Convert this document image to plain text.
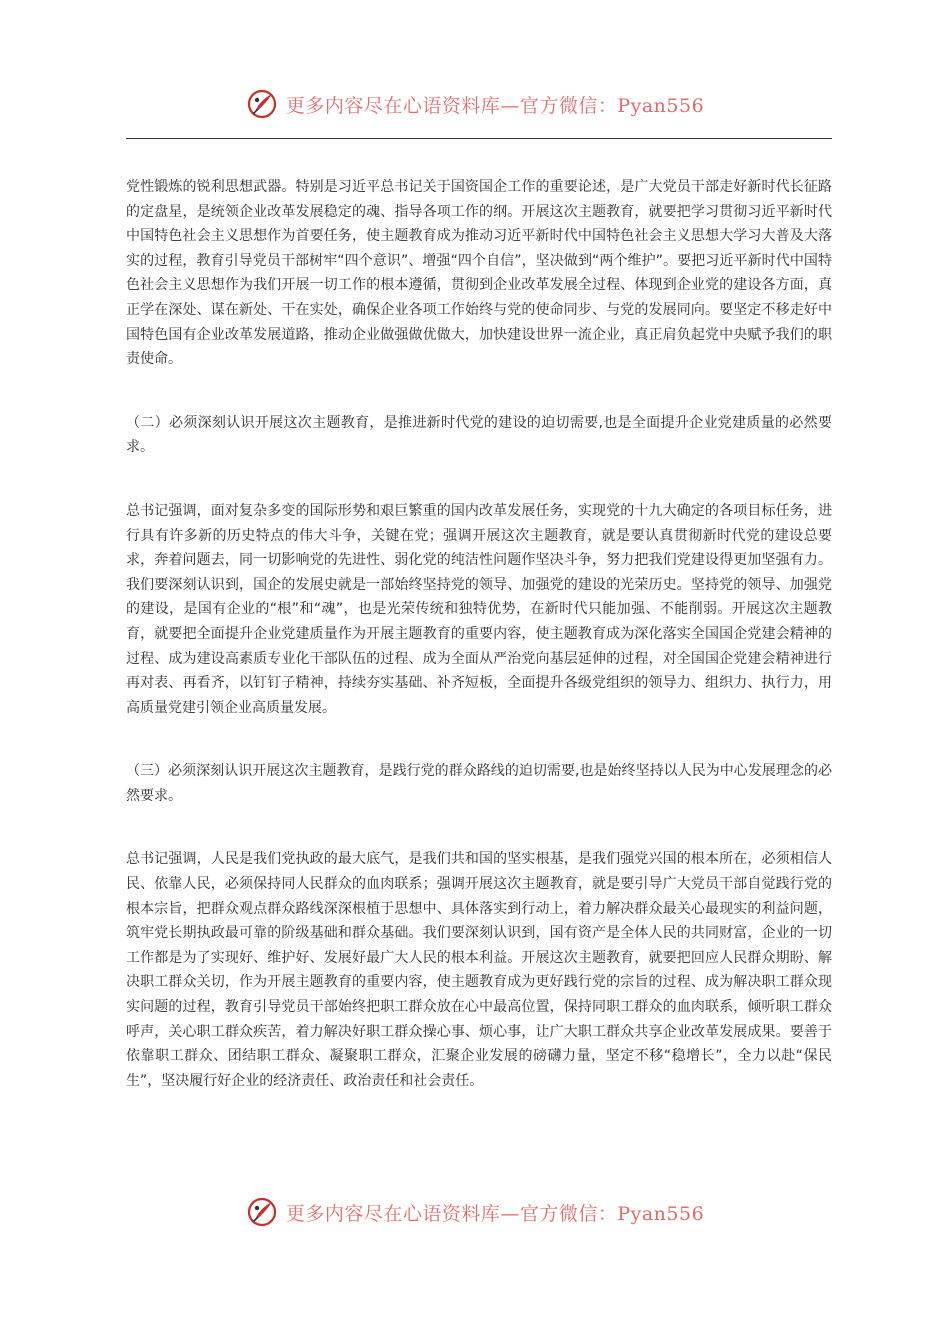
更多内容尽在心语资料库—官方微信：Pyan556

党性锻炼的锐利思想武器。特别是习近平总书记关于国资国企工作的重要论述，是广大党员干部走好新时代长征路的定盘星，是统领企业改革发展稳定的魂、指导各项工作的纲。开展这次主题教育，就要把学习贯彻习近平新时代中国特色社会主义思想作为首要任务，使主题教育成为推动习近平新时代中国特色社会主义思想大学习大普及大落实的过程，教育引导党员干部树牢“四个意识”、增强“四个自信”，坚决做到“两个维护”。要把习近平新时代中国特色社会主义思想作为我们开展一切工作的根本遵循，贯彻到企业改革发展全过程、体现到企业党的建设各方面，真正学在深处、谋在新处、干在实处，确保企业各项工作始终与党的使命同步、与党的发展同向。要坚定不移走好中国特色国有企业改革发展道路，推动企业做强做优做大，加快建设世界一流企业，真正肩负起党中央赋予我们的职责使命。

（二）必须深刻认识开展这次主题教育，是推进新时代党的建设的迫切需要,也是全面提升企业党建质量的必然要求。

总书记强调，面对复杂多变的国际形势和艰巨繁重的国内改革发展任务，实现党的十九大确定的各项目标任务，进行具有许多新的历史特点的伟大斗争，关键在党；强调开展这次主题教育，就是要认真贯彻新时代党的建设总要求，奔着问题去，同一切影响党的先进性、弱化党的纯洁性问题作坚决斗争，努力把我们党建设得更加坚强有力。我们要深刻认识到，国企的发展史就是一部始终坚持党的领导、加强党的建设的光荣历史。坚持党的领导、加强党的建设，是国有企业的“根”和“魂”，也是光荣传统和独特优势，在新时代只能加强、不能削弱。开展这次主题教育，就要把全面提升企业党建质量作为开展主题教育的重要内容，使主题教育成为深化落实全国国企党建会精神的过程、成为建设高素质专业化干部队伍的过程、成为全面从严治党向基层延伸的过程，对全国国企党建会精神进行再对表、再看齐，以钉钉子精神，持续夯实基础、补齐短板，全面提升各级党组织的领导力、组织力、执行力，用高质量党建引领企业高质量发展。

（三）必须深刻认识开展这次主题教育，是践行党的群众路线的迫切需要,也是始终坚持以人民为中心发展理念的必然要求。

总书记强调，人民是我们党执政的最大底气，是我们共和国的坚实根基，是我们强党兴国的根本所在，必须相信人民、依靠人民，必须保持同人民群众的血肉联系；强调开展这次主题教育，就是要引导广大党员干部自觉践行党的根本宗旨，把群众观点群众路线深深根植于思想中、具体落实到行动上，着力解决群众最关心最现实的利益问题，筑牢党长期执政最可靠的阶级基础和群众基础。我们要深刻认识到，国有资产是全体人民的共同财富，企业的一切工作都是为了实现好、维护好、发展好最广大人民的根本利益。开展这次主题教育，就要把回应人民群众期盼、解决职工群众关切，作为开展主题教育的重要内容，使主题教育成为更好践行党的宗旨的过程、成为解决职工群众现实问题的过程，教育引导党员干部始终把职工群众放在心中最高位置，保持同职工群众的血肉联系，倾听职工群众呼声，关心职工群众疾苦，着力解决好职工群众操心事、烦心事，让广大职工群众共享企业改革发展成果。要善于依靠职工群众、团结职工群众、凝聚职工群众，汇聚企业发展的磅礴力量，坚定不移“稳增长”，全力以赴“保民生”，坚决履行好企业的经济责任、政治责任和社会责任。

更多内容尽在心语资料库—官方微信：Pyan556
